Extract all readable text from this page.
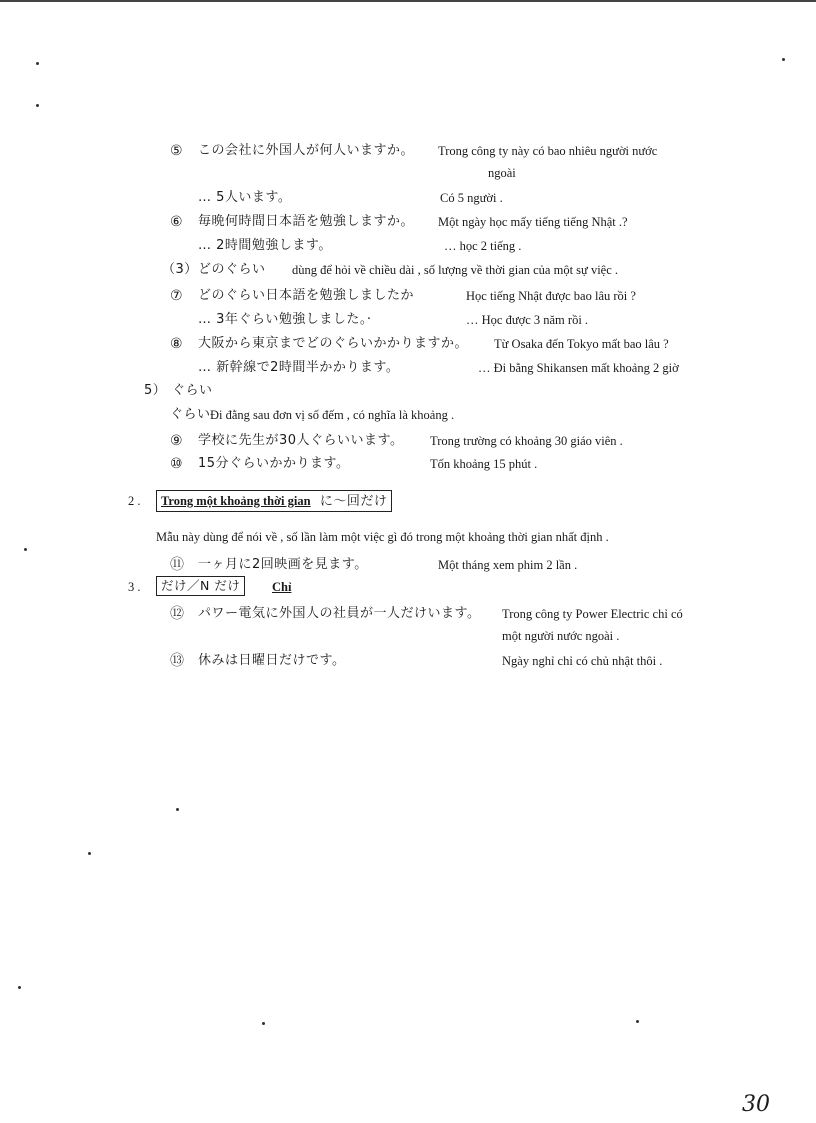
⑤ この会社に外国人が何人いますか。 Trong công ty này có bao nhiêu người nước
ngoài
… 5人います。	Có 5 người .
⑥ 毎晩何時間日本語を勉強しますか。 Một ngày học mấy tiếng tiếng Nhật .?
… 2時間勉強します。	… học 2 tiếng .
（3） どのぐらい dùng để hỏi về chiều dài , số lượng về thời gian của một sự việc .
⑦ どのぐらい日本語を勉強しましたか	Học tiếng Nhật được bao lâu rồi ?
… 3年ぐらい勉強しました。·	… Học được 3 năm rồi .
⑧ 大阪から東京までどのぐらいかかりますか。 Từ Osaka đến Tokyo mất bao lâu ?
… 新幹線で2時間半かかります。	… Đi bằng Shikansen mất khoảng 2 giờ
5） ぐらい
ぐらい Đi đằng sau đơn vị số đếm , có nghĩa là khoảng .
⑨ 学校に先生が30人ぐらいいます。 Trong trường có khoảng 30 giáo viên .
⑩ 15分ぐらいかかります。	Tốn khoảng 15 phút .
2 .	Trong một khoảng thời gian に〜回だけ
Mẫu này dùng để nói về , số lần làm một việc gì đó trong một khoảng thời gian nhất định .
⑪ 一ヶ月に2回映画を見ます。	Một tháng xem phim 2 lần .
3 .	だけ／N だけ	Chỉ
⑫ パワー電気に外国人の社員が一人だけいます。 Trong công ty Power Electric chỉ có
một người nước ngoài .
⑬ 休みは日曜日だけです。	Ngày nghỉ chỉ có chủ nhật thôi .
30
